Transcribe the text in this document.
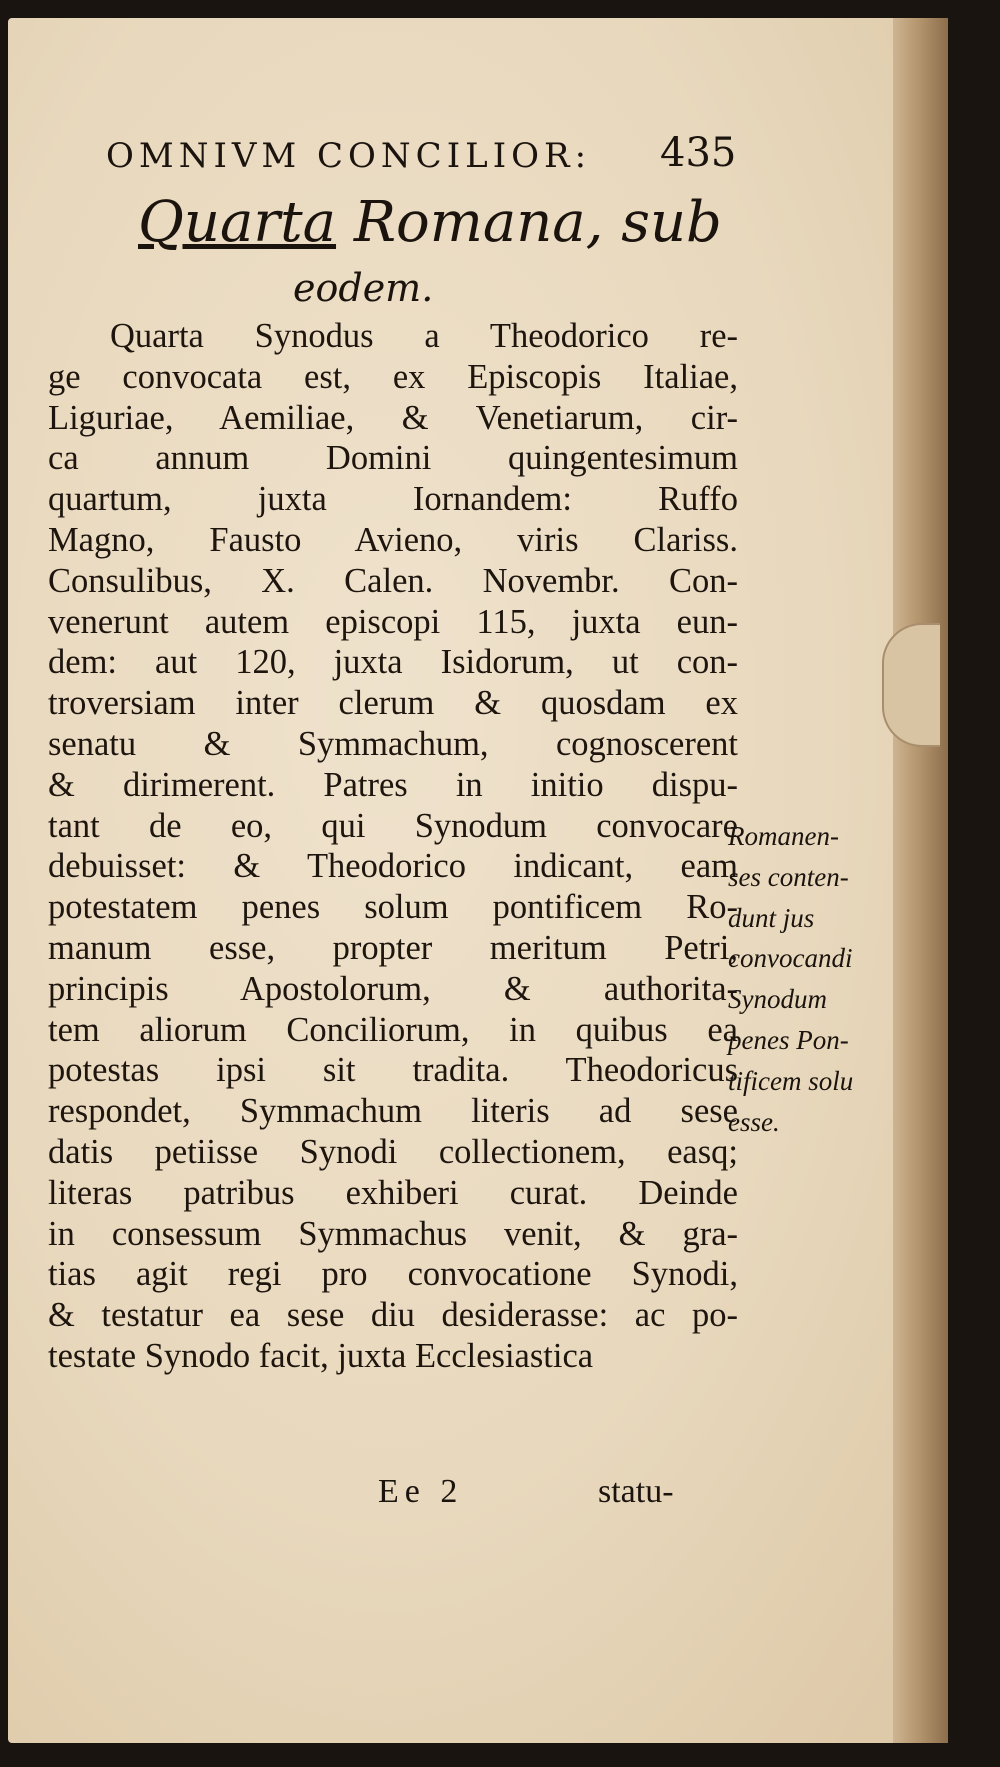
OMNIVM CONCILIOR:	435
Quarta Romana, sub
eodem.
Quarta Synodus a Theodorico re-
ge convocata est, ex Episcopis Italiae,
Liguriae, Aemiliae, & Venetiarum, cir-
ca annum Domini quingentesimum
quartum, juxta Iornandem: Ruffo
Magno, Fausto Avieno, viris Clariss.
Consulibus, X. Calen. Novembr. Con-
venerunt autem episcopi 115, juxta eun-
dem: aut 120, juxta Isidorum, ut con-
troversiam inter clerum & quosdam ex
senatu & Symmachum, cognoscerent
& dirimerent. Patres in initio dispu-
tant de eo, qui Synodum convocare
debuisset: & Theodorico indicant, eam
potestatem penes solum pontificem Ro-
manum esse, propter meritum Petri,
principis Apostolorum, & authorita-
tem aliorum Conciliorum, in quibus ea
potestas ipsi sit tradita. Theodoricus
respondet, Symmachum literis ad sese
datis petiisse Synodi collectionem, easq;
literas patribus exhiberi curat. Deinde
in consessum Symmachus venit, & gra-
tias agit regi pro convocatione Synodi,
& testatur ea sese diu desiderasse: ac po-
testate Synodo facit, juxta Ecclesiastica
Romanen-
ses conten-
dunt jus
convocandi
Synodum
penes Pon-
tificem solu
esse.
Ee 2	statu-
